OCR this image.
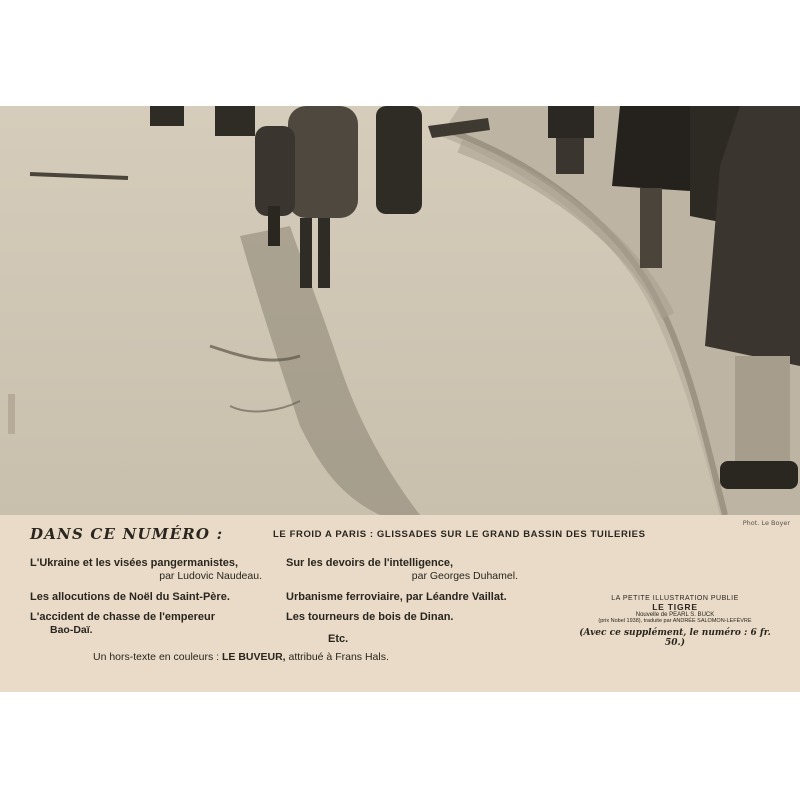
Phot. Le Boyer
DANS CE NUMÉRO :	LE FROID A PARIS : GLISSADES SUR LE GRAND BASSIN DES TUILERIES
L'Ukraine et les visées pangermanistes,
par Ludovic Naudeau.
Les allocutions de Noël du Saint-Père.
L'accident de chasse de l'empereur
Bao-Daï.
Sur les devoirs de l'intelligence,
par Georges Duhamel.
Urbanisme ferroviaire, par Léandre Vaillat.
Les tourneurs de bois de Dinan.
Etc.
Un hors-texte en couleurs : LE BUVEUR, attribué à Frans Hals.
LA PETITE ILLUSTRATION PUBLIE
LE TIGRE
Nouvelle de PEARL S. BUCK
(prix Nobel 1938), traduite par ANDRÉE SALOMON-LEFÈVRE
(Avec ce supplément, le numéro : 6 fr. 50.)
